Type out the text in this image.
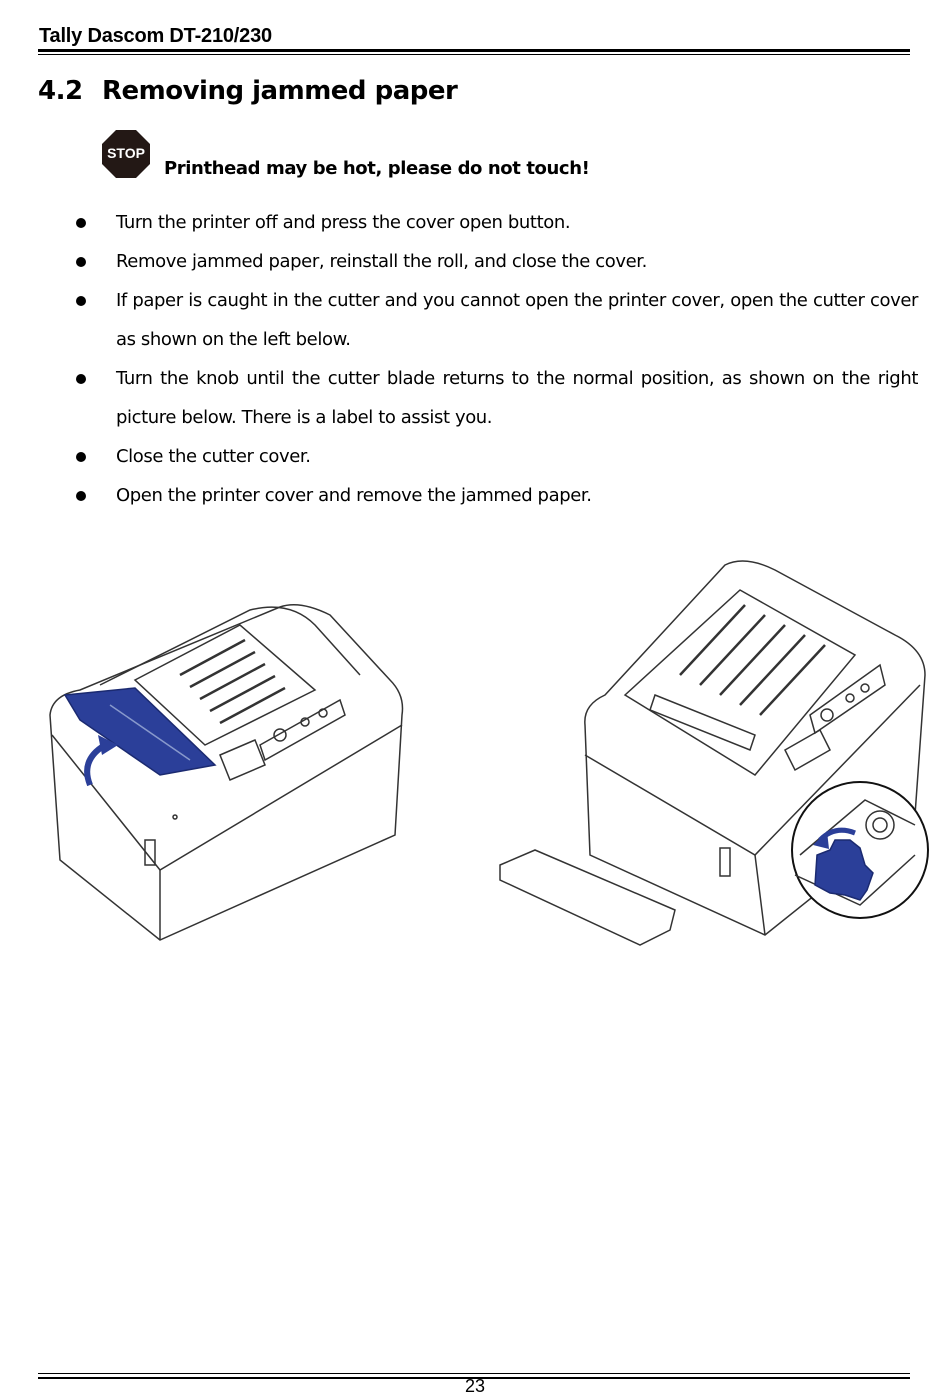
Tally Dascom DT-210/230
4.2 Removing jammed paper
STOP
Printhead may be hot, please do not touch!
Turn the printer off and press the cover open button.
Remove jammed paper, reinstall the roll, and close the cover.
If paper is caught in the cutter and you cannot open the printer cover, open the cutter cover as shown on the left below.
Turn the knob until the cutter blade returns to the normal position, as shown on the right picture below. There is a label to assist you.
Close the cutter cover.
Open the printer cover and remove the jammed paper.
23
